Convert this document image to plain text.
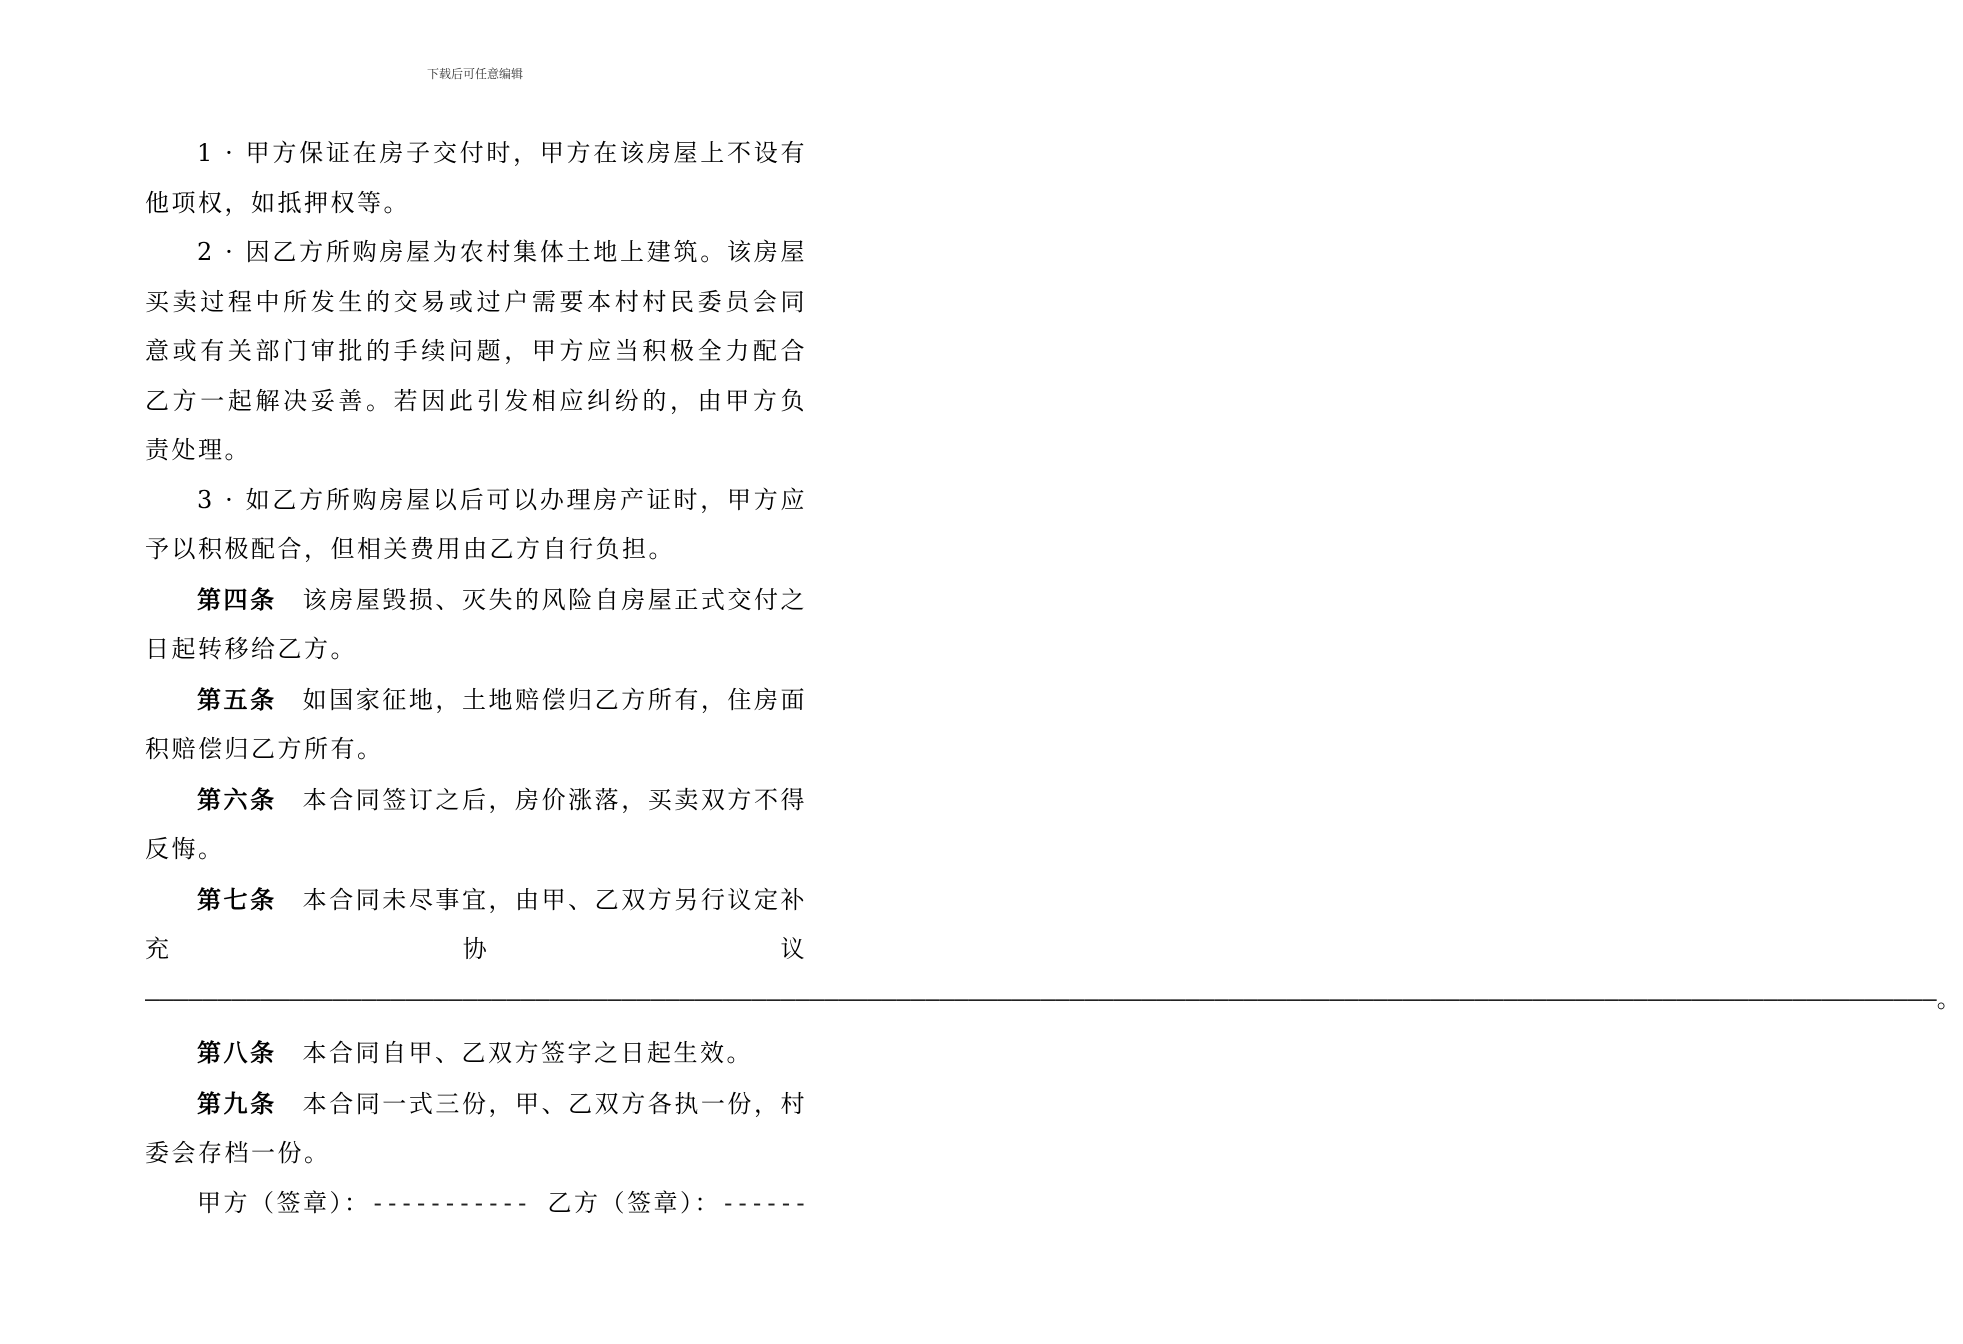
下载后可任意编辑

1 · 甲方保证在房子交付时，甲方在该房屋上不设有他项权，如抵押权等。

2 · 因乙方所购房屋为农村集体土地上建筑。该房屋买卖过程中所发生的交易或过户需要本村村民委员会同意或有关部门审批的手续问题，甲方应当积极全力配合乙方一起解决妥善。若因此引发相应纠纷的，由甲方负责处理。

3 · 如乙方所购房屋以后可以办理房产证时，甲方应予以积极配合，但相关费用由乙方自行负担。

第四条 该房屋毁损、灭失的风险自房屋正式交付之日起转移给乙方。

第五条 如国家征地，土地赔偿归乙方所有，住房面积赔偿归乙方所有。

第六条 本合同签订之后，房价涨落，买卖双方不得反悔。

第七条 本合同未尽事宜，由甲、乙双方另行议定补充协议————————————————————————————————————————————————————————————————————————————————————————————————————————————————————————————。

第八条 本合同自甲、乙双方签字之日起生效。

第九条 本合同一式三份，甲、乙双方各执一份，村委会存档一份。

甲方（签章）：----------- 乙方（签章）：------
